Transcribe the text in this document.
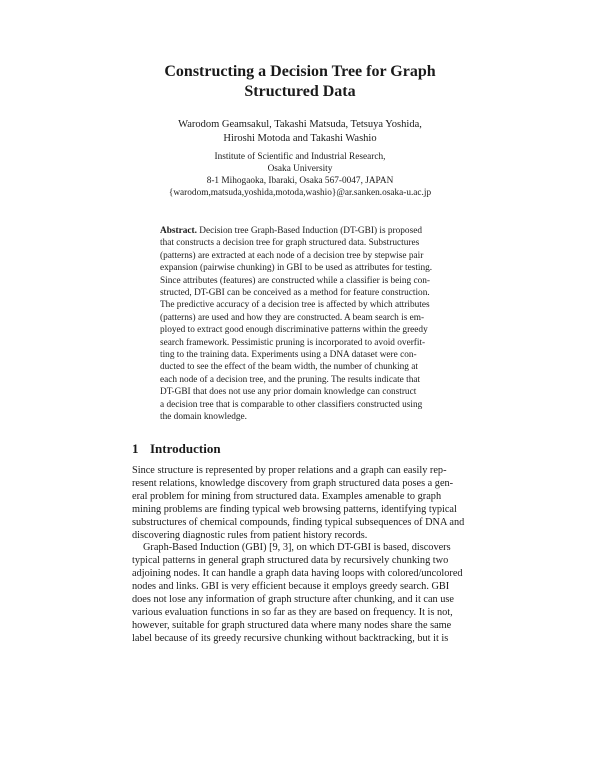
Constructing a Decision Tree for Graph
Structured Data
Warodom Geamsakul, Takashi Matsuda, Tetsuya Yoshida,
Hiroshi Motoda and Takashi Washio
Institute of Scientific and Industrial Research,
Osaka University
8-1 Mihogaoka, Ibaraki, Osaka 567-0047, JAPAN
{warodom,matsuda,yoshida,motoda,washio}@ar.sanken.osaka-u.ac.jp
Abstract. Decision tree Graph-Based Induction (DT-GBI) is proposed
that constructs a decision tree for graph structured data. Substructures
(patterns) are extracted at each node of a decision tree by stepwise pair
expansion (pairwise chunking) in GBI to be used as attributes for testing.
Since attributes (features) are constructed while a classifier is being con-
structed, DT-GBI can be conceived as a method for feature construction.
The predictive accuracy of a decision tree is affected by which attributes
(patterns) are used and how they are constructed. A beam search is em-
ployed to extract good enough discriminative patterns within the greedy
search framework. Pessimistic pruning is incorporated to avoid overfit-
ting to the training data. Experiments using a DNA dataset were con-
ducted to see the effect of the beam width, the number of chunking at
each node of a decision tree, and the pruning. The results indicate that
DT-GBI that does not use any prior domain knowledge can construct
a decision tree that is comparable to other classifiers constructed using
the domain knowledge.
1 Introduction
Since structure is represented by proper relations and a graph can easily rep-
resent relations, knowledge discovery from graph structured data poses a gen-
eral problem for mining from structured data. Examples amenable to graph
mining problems are finding typical web browsing patterns, identifying typical
substructures of chemical compounds, finding typical subsequences of DNA and
discovering diagnostic rules from patient history records.
Graph-Based Induction (GBI) [9, 3], on which DT-GBI is based, discovers
typical patterns in general graph structured data by recursively chunking two
adjoining nodes. It can handle a graph data having loops with colored/uncolored
nodes and links. GBI is very efficient because it employs greedy search. GBI
does not lose any information of graph structure after chunking, and it can use
various evaluation functions in so far as they are based on frequency. It is not,
however, suitable for graph structured data where many nodes share the same
label because of its greedy recursive chunking without backtracking, but it is
